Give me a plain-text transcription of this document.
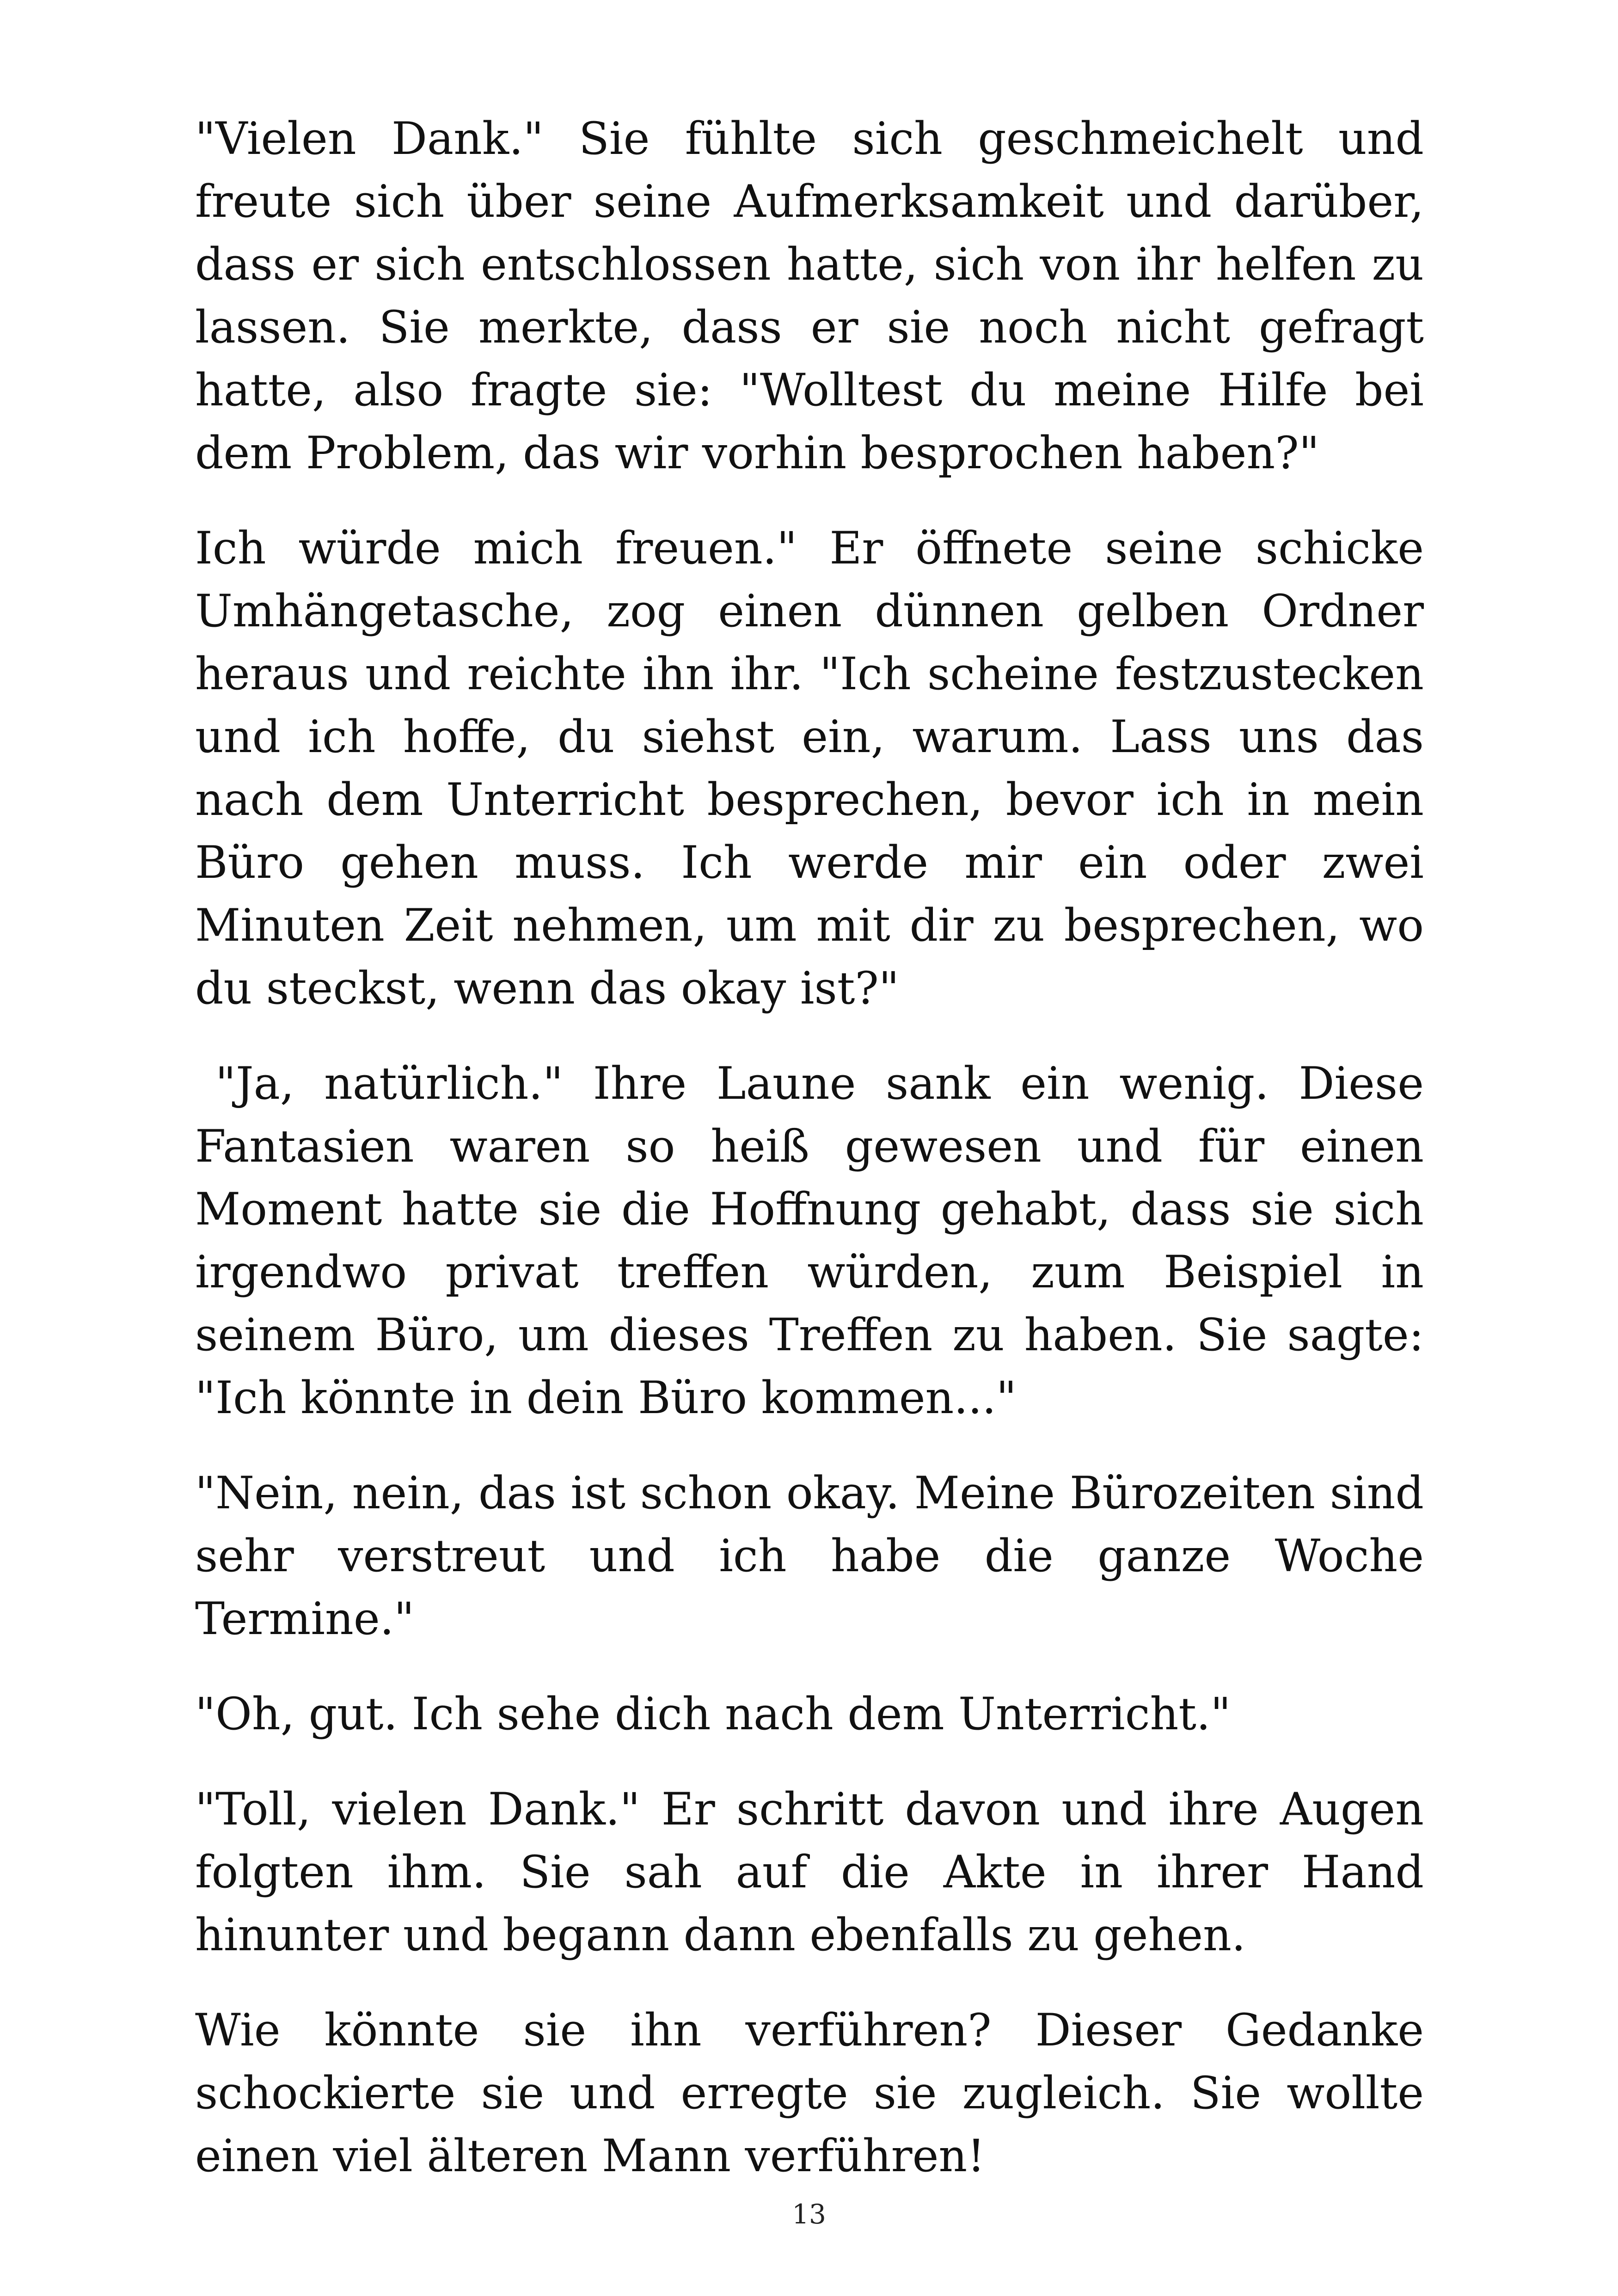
"Vielen Dank." Sie fühlte sich geschmeichelt und freute sich über seine Aufmerksamkeit und darüber, dass er sich entschlossen hatte, sich von ihr helfen zu lassen. Sie merkte, dass er sie noch nicht gefragt hatte, also fragte sie: "Wolltest du meine Hilfe bei dem Problem, das wir vorhin besprochen haben?"

Ich würde mich freuen." Er öffnete seine schicke Umhängetasche, zog einen dünnen gelben Ordner heraus und reichte ihn ihr. "Ich scheine festzustecken und ich hoffe, du siehst ein, warum. Lass uns das nach dem Unterricht besprechen, bevor ich in mein Büro gehen muss. Ich werde mir ein oder zwei Minuten Zeit nehmen, um mit dir zu besprechen, wo du steckst, wenn das okay ist?"

"Ja, natürlich." Ihre Laune sank ein wenig. Diese Fantasien waren so heiß gewesen und für einen Moment hatte sie die Hoffnung gehabt, dass sie sich irgendwo privat treffen würden, zum Beispiel in seinem Büro, um dieses Treffen zu haben. Sie sagte: "Ich könnte in dein Büro kommen..."

"Nein, nein, das ist schon okay. Meine Bürozeiten sind sehr verstreut und ich habe die ganze Woche Termine."

"Oh, gut. Ich sehe dich nach dem Unterricht."

"Toll, vielen Dank." Er schritt davon und ihre Augen folgten ihm. Sie sah auf die Akte in ihrer Hand hinunter und begann dann ebenfalls zu gehen.

Wie könnte sie ihn verführen? Dieser Gedanke schockierte sie und erregte sie zugleich. Sie wollte einen viel älteren Mann verführen!

13
